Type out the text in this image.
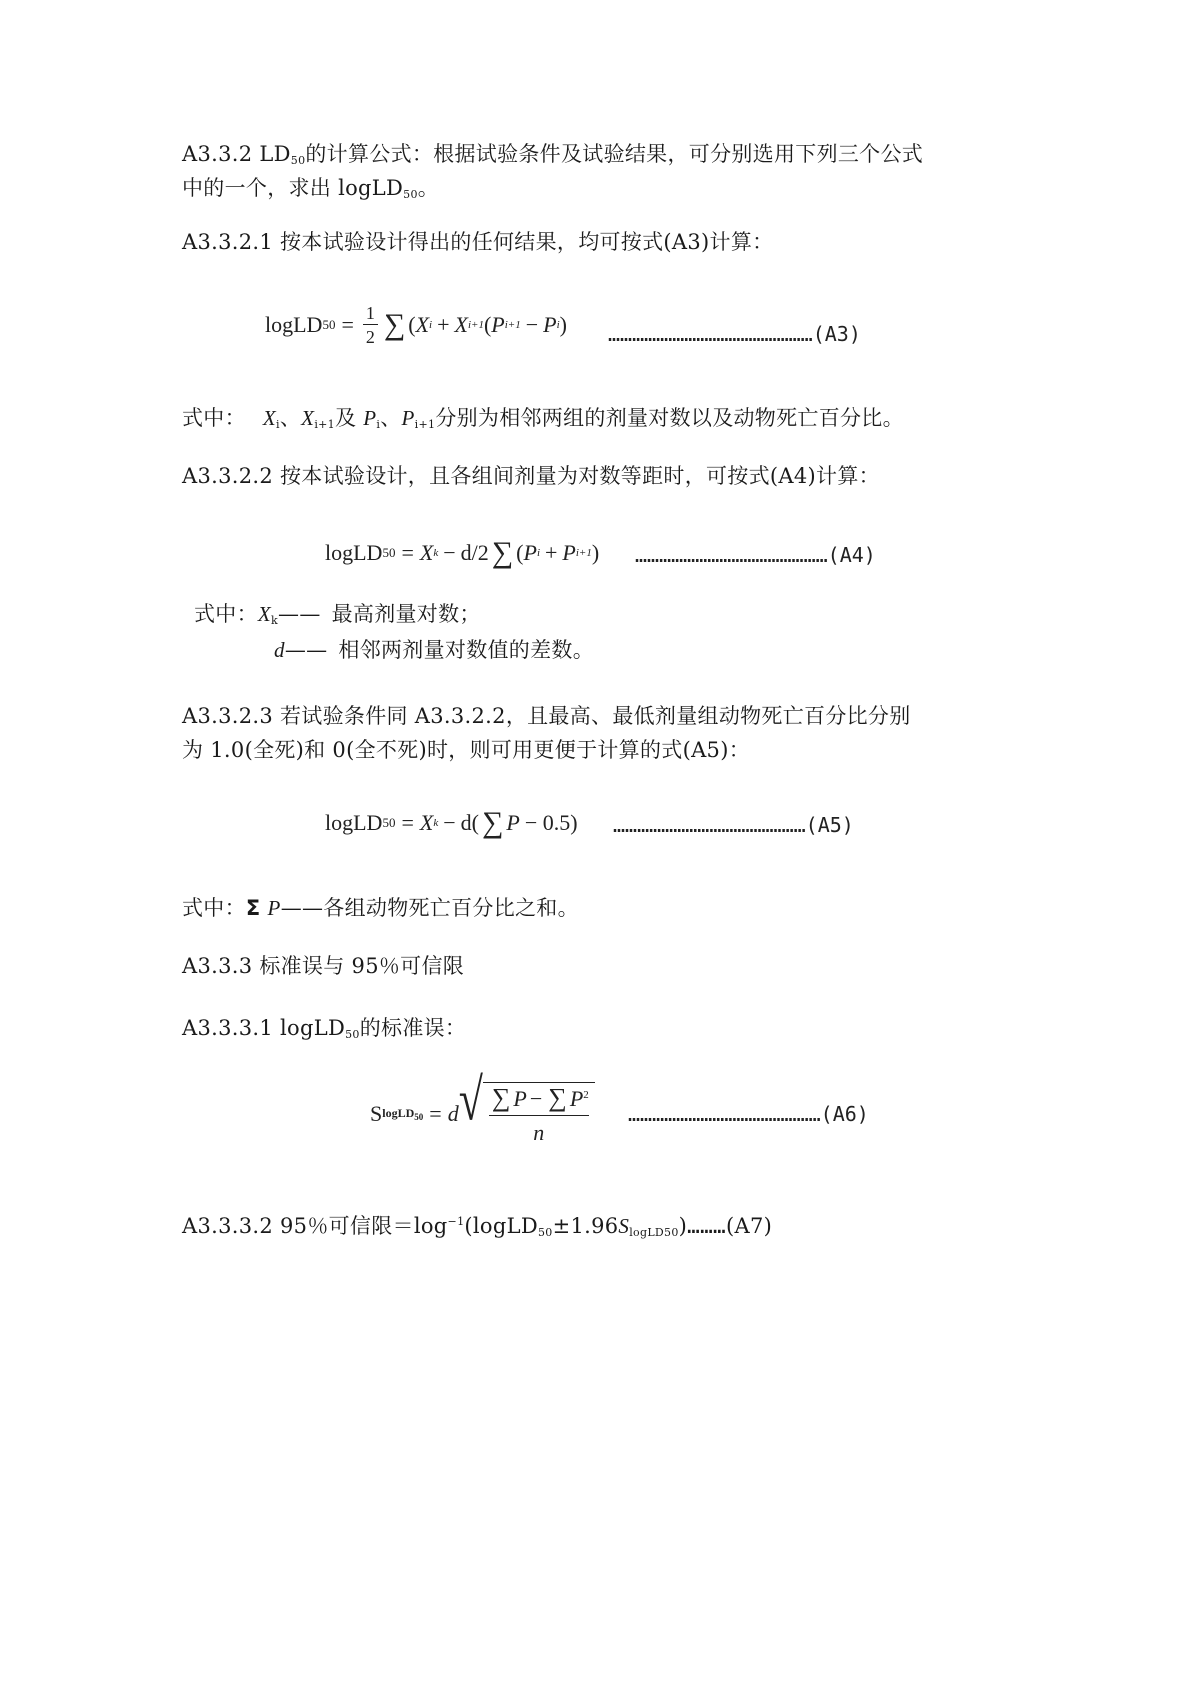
A3.3.2 $LD_{50}$的计算公式：根据试验条件及试验结果，可分别选用下列三个公式
中的一个，求出 logLD$_{50}$。
A3.3.2.1 按本试验设计得出的任何结果，均可按式(A3)计算：
logLD $50 = \frac{1}{2}$ ∑ ( X i + X i+1 ( P i+1 − P i ) ……………………………………………(A3)
式中： $X_i$、$X_{i+1}$及 $P_i$、$P_{i+1}$分别为相邻两组的剂量对数以及动物死亡百分比。
A3.3.2.2 按本试验设计，且各组间剂量为对数等距时，可按式(A4)计算：
logLD 50 = X k − d/2 ∑ ( P i + P i+1 ) …………………………………………(A4)
式中：$X_k——$ 最高剂量对数；
d—— 相邻两剂量对数值的差数。
A3.3.2.3 若试验条件同 A3.3.2.2，且最高、最低剂量组动物死亡百分比分别
为 1.0(全死)和 0(全不死)时，则可用更便于计算的式(A5)：
logLD 50 = X k − d( ∑ P − 0.5) …………………………………………(A5)
式中：Σ P——各组动物死亡百分比之和。
A3.3.3 标准误与 95％可信限
A3.3.3.1 logLD$_{50}$的标准误：
S logLD$_{50}$ = d √ $\frac{\sum P - \sum P^2}{n}$ …………………………………………(A6)
A3.3.3.2 95％可信限$=\log^{-1}(logLD_{50}\pm 1.96S_{logLD50})\dots\dots\dots(A7)$
